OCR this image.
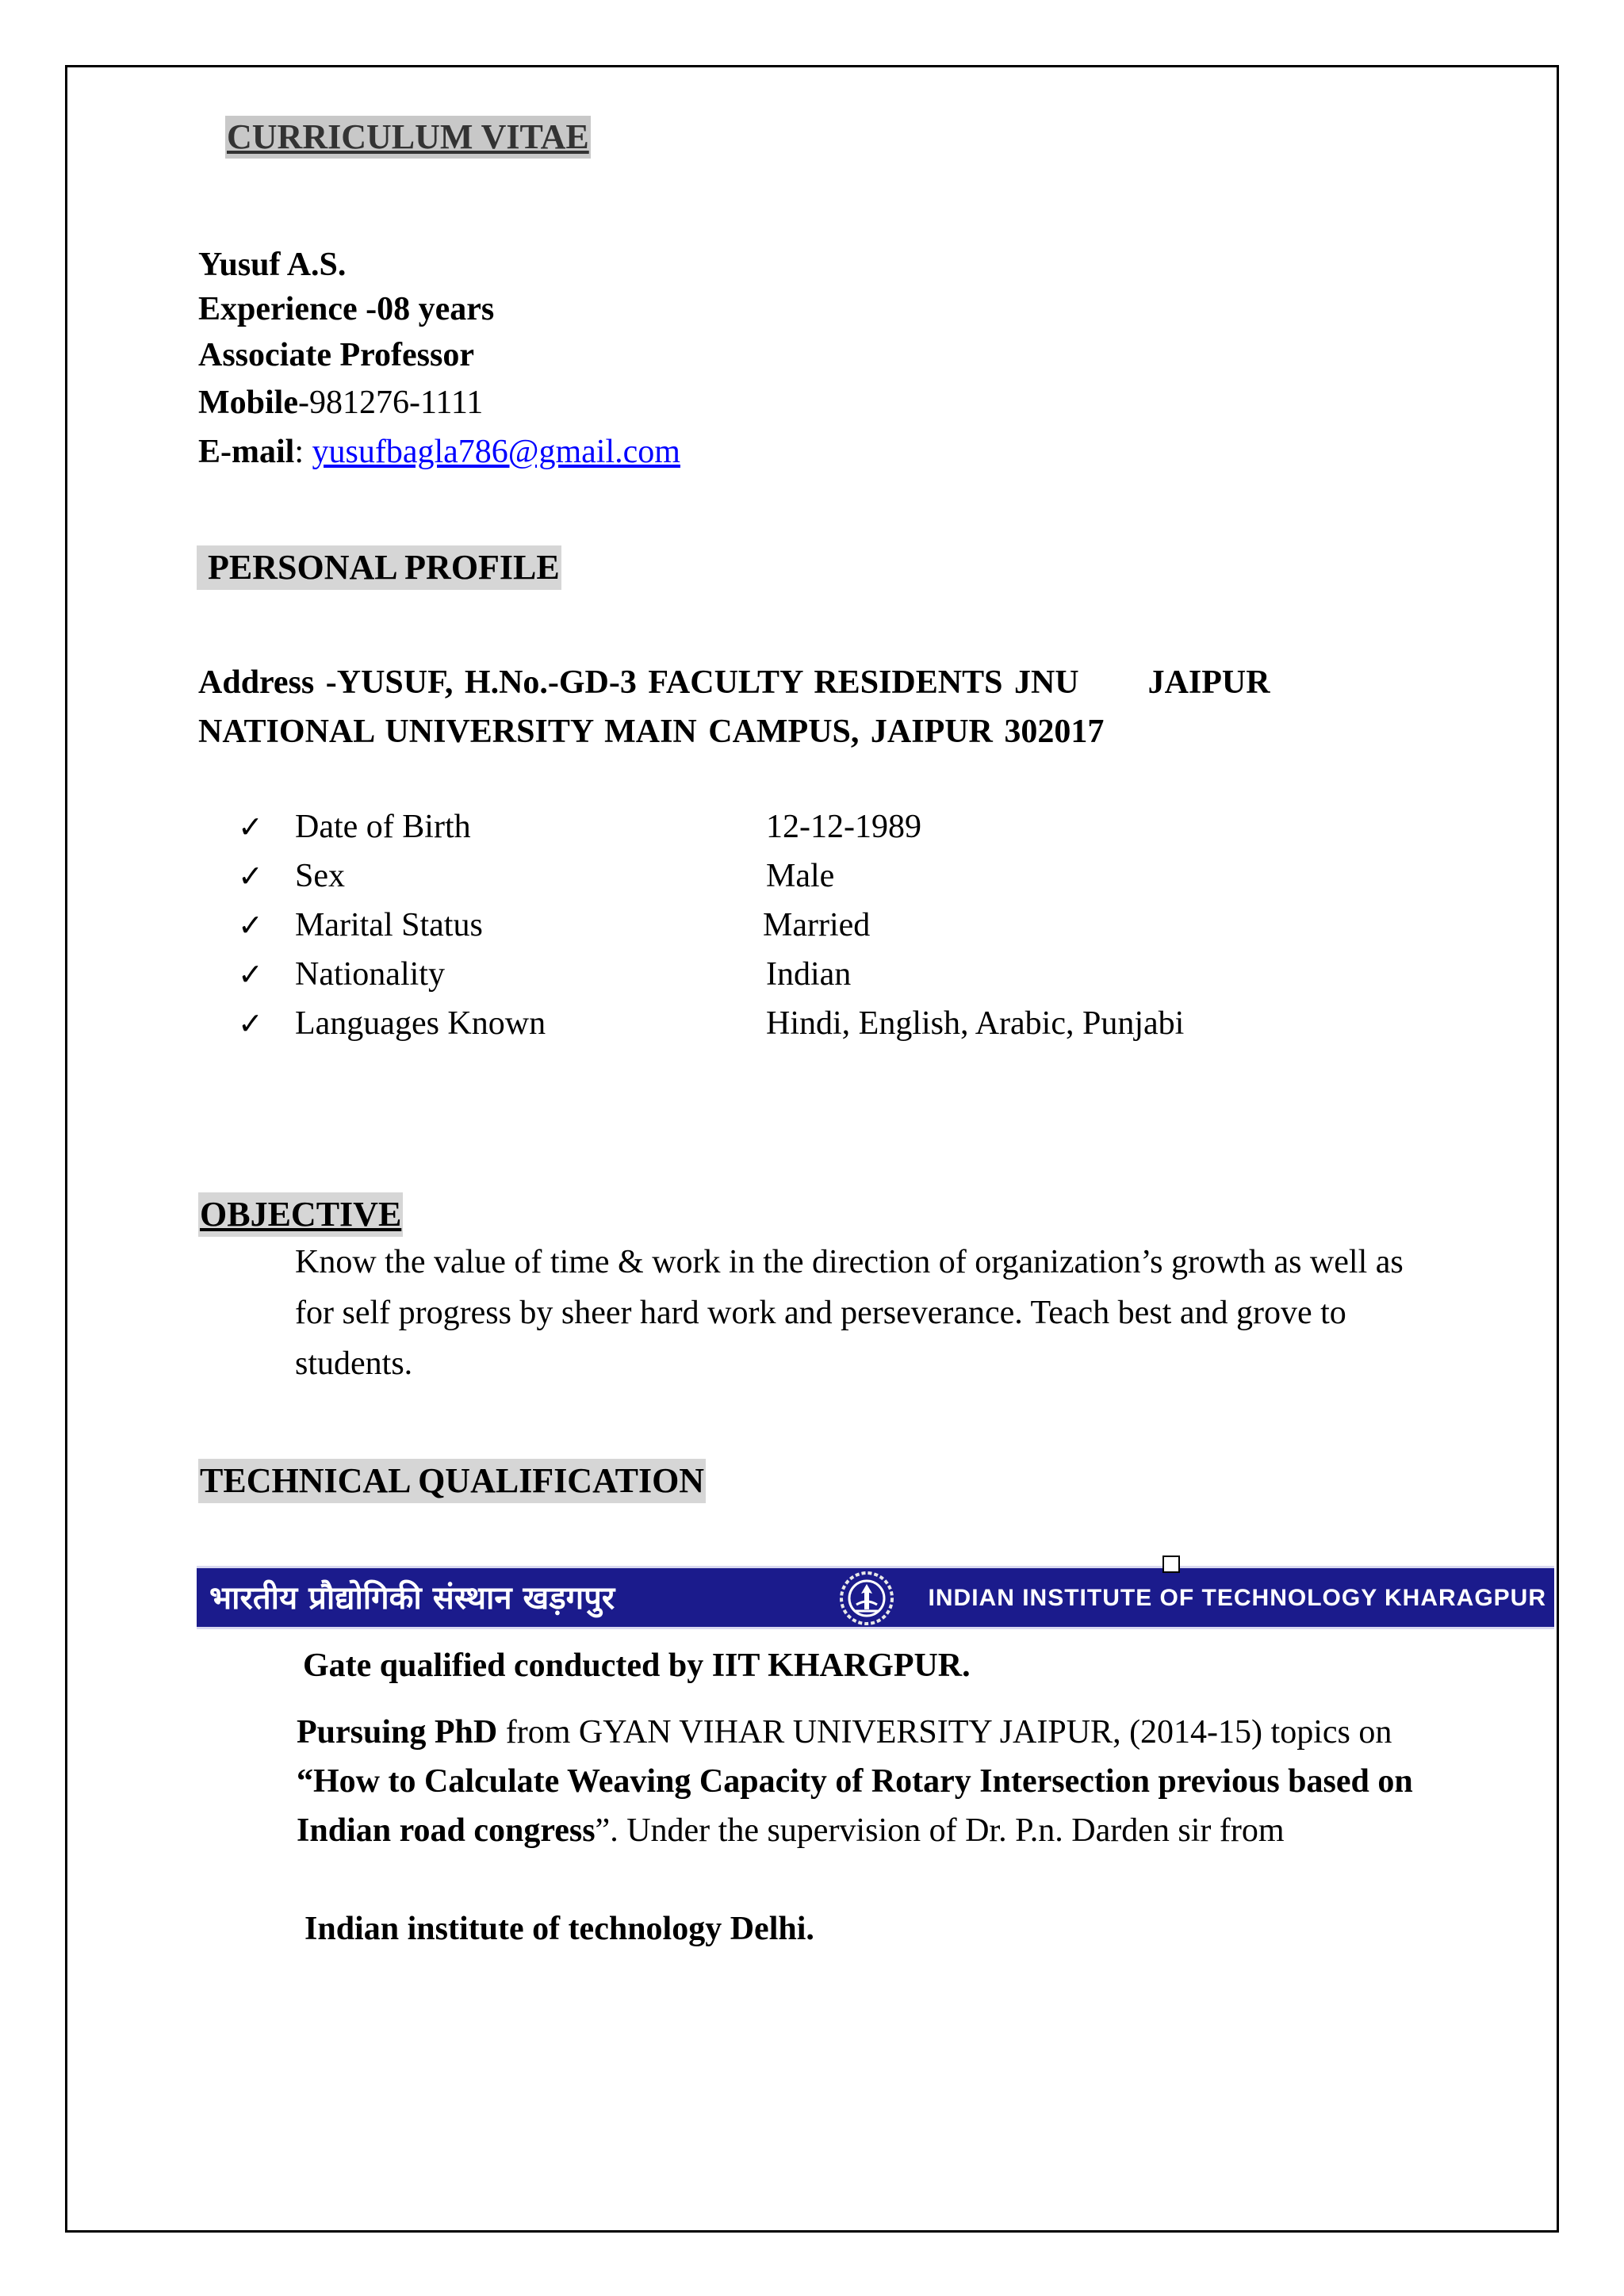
CURRICULUM VITAE
Yusuf A.S.
Experience -08 years
Associate Professor
Mobile-981276-1111
E-mail: yusufbagla786@gmail.com
PERSONAL PROFILE
Address -YUSUF, H.No.-GD-3 FACULTY RESIDENTS JNU      JAIPUR
NATIONAL UNIVERSITY MAIN CAMPUS, JAIPUR 302017
✓ Date of Birth	12-12-1989
✓ Sex	Male
✓ Marital Status	Married
✓ Nationality	Indian
✓ Languages Known	Hindi, English, Arabic, Punjabi
OBJECTIVE
Know the value of time & work in the direction of organization’s growth as well as for self progress by sheer hard work and perseverance. Teach best and grove to students.
TECHNICAL QUALIFICATION
भारतीय प्रौद्योगिकी संस्थान खड़गपुर	INDIAN INSTITUTE OF TECHNOLOGY KHARAGPUR
Gate qualified conducted by IIT KHARGPUR.
Pursuing PhD from GYAN VIHAR UNIVERSITY JAIPUR, (2014-15) topics on “How to Calculate Weaving Capacity of Rotary Intersection previous based on Indian road congress”. Under the supervision of Dr. P.n. Darden sir from
Indian institute of technology Delhi.
